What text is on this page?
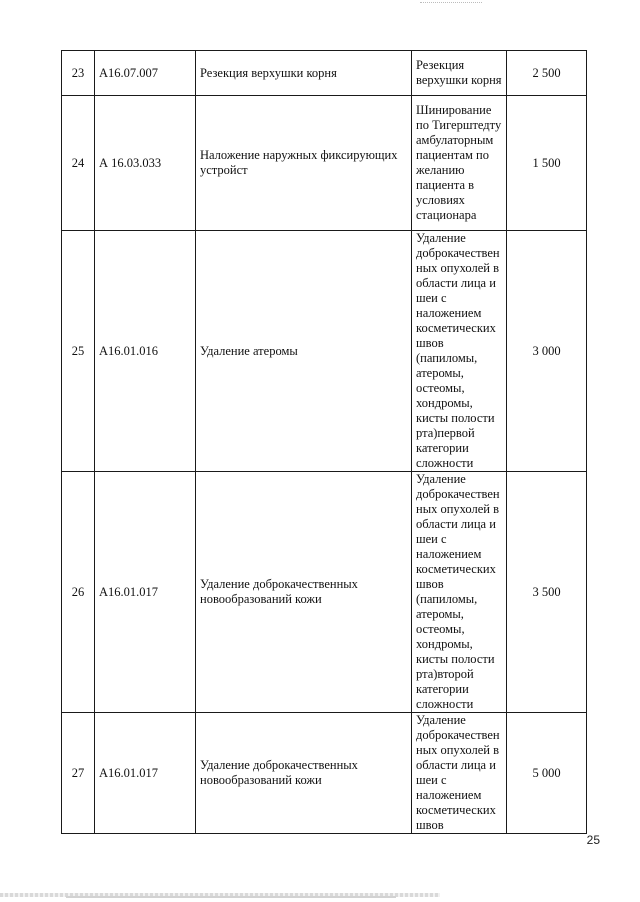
23	A16.07.007	Резекция верхушки корня	Резекция верхушки корня	2 500
24	А 16.03.033	Наложение наружных фиксирующих устройст	Шинирование по Тигерштедту амбулаторным пациентам по желанию пациента в условиях стационара	1 500
25	A16.01.016	Удаление атеромы	Удаление доброкачествен ных опухолей в области лица и шеи с наложением косметических швов (папиломы, атеромы, остеомы, хондромы, кисты полости рта)первой категории сложности	3 000
26	A16.01.017	Удаление доброкачественных новообразований кожи	Удаление доброкачествен ных опухолей в области лица и шеи с наложением косметических швов (папиломы, атеромы, остеомы, хондромы, кисты полости рта)второй категории сложности	3 500
27	A16.01.017	Удаление доброкачественных новообразований кожи	Удаление доброкачествен ных опухолей в области лица и шеи с наложением косметических швов	5 000
25
